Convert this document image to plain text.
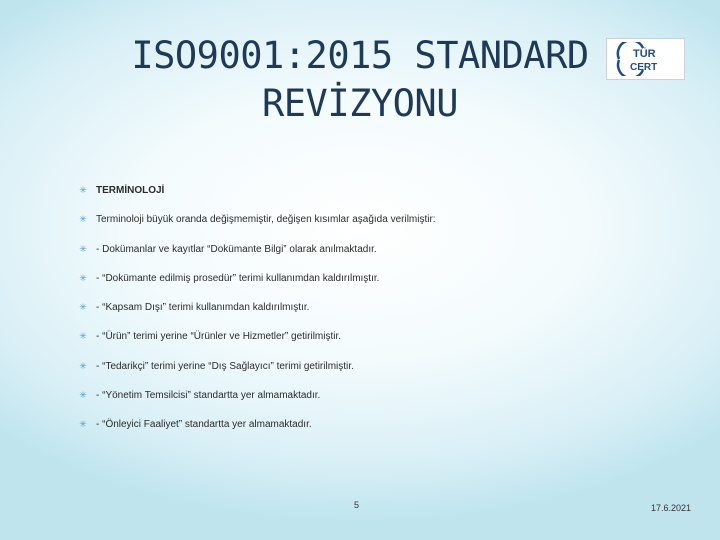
ISO9001:2015 STANDARD
REVİZYONU
TÜR
CERT
✳ TERMİNOLOJİ
✳ Terminoloji büyük oranda değişmemiştir, değişen kısımlar aşağıda verilmiştir:
✳ - Dokümanlar ve kayıtlar “Dokümante Bilgi” olarak anılmaktadır.
✳ - “Dokümante edilmiş prosedür” terimi kullanımdan kaldırılmıştır.
✳ - “Kapsam Dışı” terimi kullanımdan kaldırılmıştır.
✳ - “Ürün” terimi yerine “Ürünler ve Hizmetler” getirilmiştir.
✳ - “Tedarikçi” terimi yerine “Dış Sağlayıcı” terimi getirilmiştir.
✳ - “Yönetim Temsilcisi” standartta yer almamaktadır.
✳ - “Önleyici Faaliyet” standartta yer almamaktadır.
5	17.6.2021
